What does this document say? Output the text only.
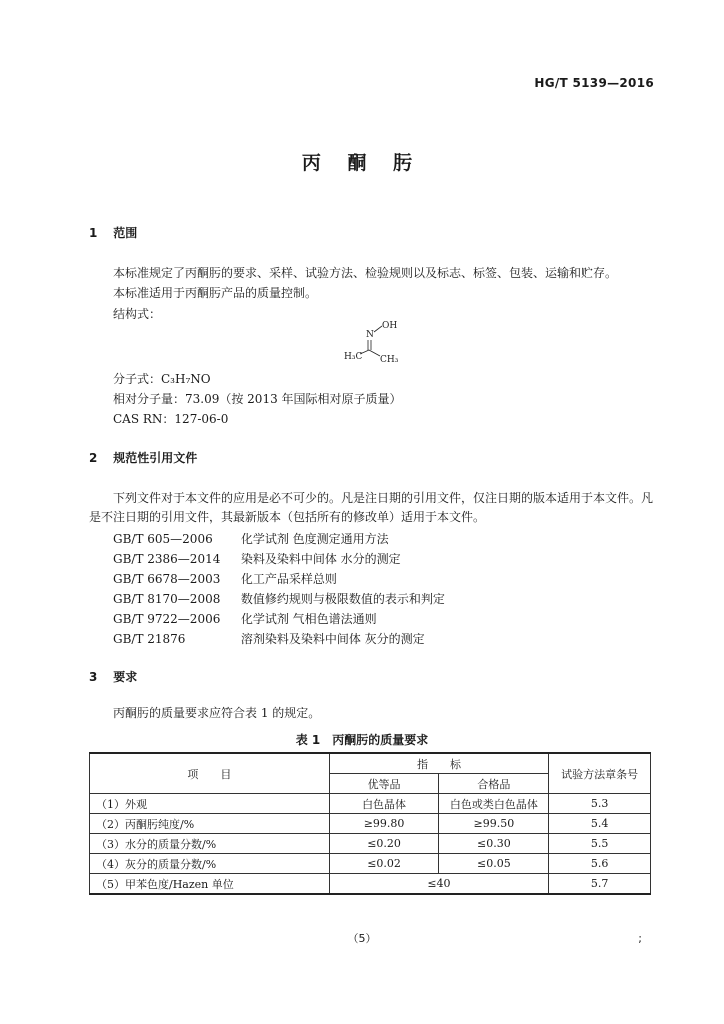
HG/T 5139—2016
丙 酮 肟
1 范围
本标准规定了丙酮肟的要求、采样、试验方法、检验规则以及标志、标签、包装、运输和贮存。
本标准适用于丙酮肟产品的质量控制。
结构式：
OH
N
H₃C CH₃
分子式：C₃H₇NO
相对分子量：73.09（按 2013 年国际相对原子质量）
CAS RN：127-06-0
2 规范性引用文件
下列文件对于本文件的应用是必不可少的。凡是注日期的引用文件，仅注日期的版本适用于本文件。凡是不注日期的引用文件，其最新版本（包括所有的修改单）适用于本文件。
GB/T 605—2006 化学试剂 色度测定通用方法
GB/T 2386—2014 染料及染料中间体 水分的测定
GB/T 6678—2003 化工产品采样总则
GB/T 8170—2008 数值修约规则与极限数值的表示和判定
GB/T 9722—2006 化学试剂 气相色谱法通则
GB/T 21876	溶剂染料及染料中间体 灰分的测定
3 要求
丙酮肟的质量要求应符合表 1 的规定。
表 1　丙酮肟的质量要求
项　　目	指　　标		试验方法章条号
	优等品	合格品	
（1）外观	白色晶体	白色或类白色晶体	5.3
（2）丙酮肟纯度/%	≥99.80	≥99.50	5.4
（3）水分的质量分数/%	≤0.20	≤0.30	5.5
（4）灰分的质量分数/%	≤0.02	≤0.05	5.6
（5）甲苯色度/Hazen 单位	≤40		5.7
（5）	;
